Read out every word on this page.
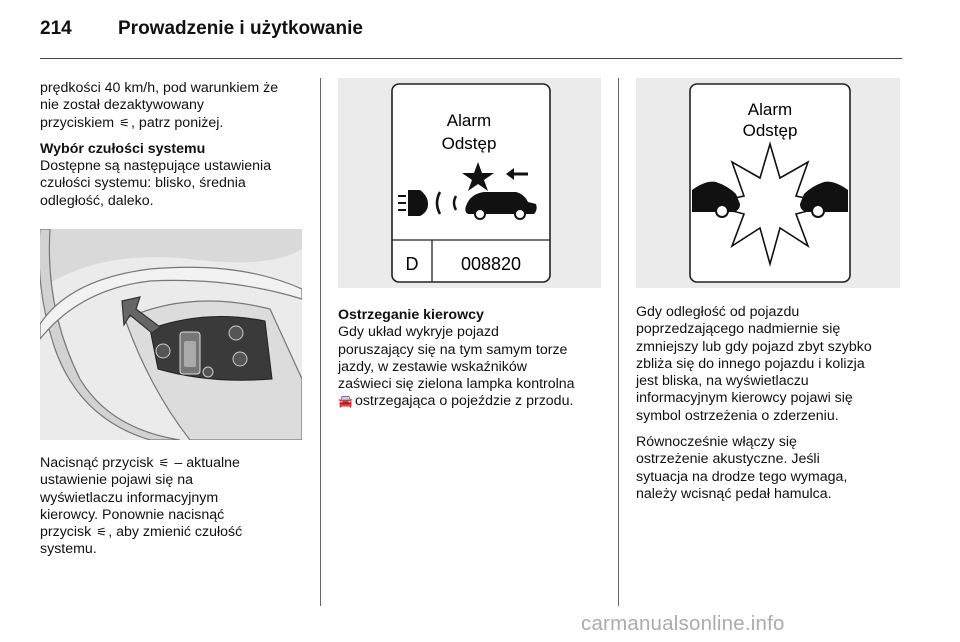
214 Prowadzenie i użytkowanie

prędkości 40 km/h, pod warunkiem że

nie został dezaktywowany

przyciskiem ⚟, patrz poniżej.

Wybór czułości systemu

Dostępne są następujące ustawienia

czułości systemu: blisko, średnia

odległość, daleko.

Nacisnąć przycisk ⚟ – aktualne

ustawienie pojawi się na

wyświetlaczu informacyjnym

kierowcy. Ponownie nacisnąć

przycisk ⚟, aby zmienić czułość

systemu.

Alarm
Odstęp
D 008820

Ostrzeganie kierowcy

Gdy układ wykryje pojazd

poruszający się na tym samym torze

jazdy, w zestawie wskaźników

zaświeci się zielona lampka kontrolna

🚘 ostrzegająca o pojeździe z przodu.

Alarm
Odstęp

Gdy odległość od pojazdu

poprzedzającego nadmiernie się

zmniejszy lub gdy pojazd zbyt szybko

zbliża się do innego pojazdu i kolizja

jest bliska, na wyświetlaczu

informacyjnym kierowcy pojawi się

symbol ostrzeżenia o zderzeniu.

Równocześnie włączy się

ostrzeżenie akustyczne. Jeśli

sytuacja na drodze tego wymaga,

należy wcisnąć pedał hamulca.

carmanualsonline.info
